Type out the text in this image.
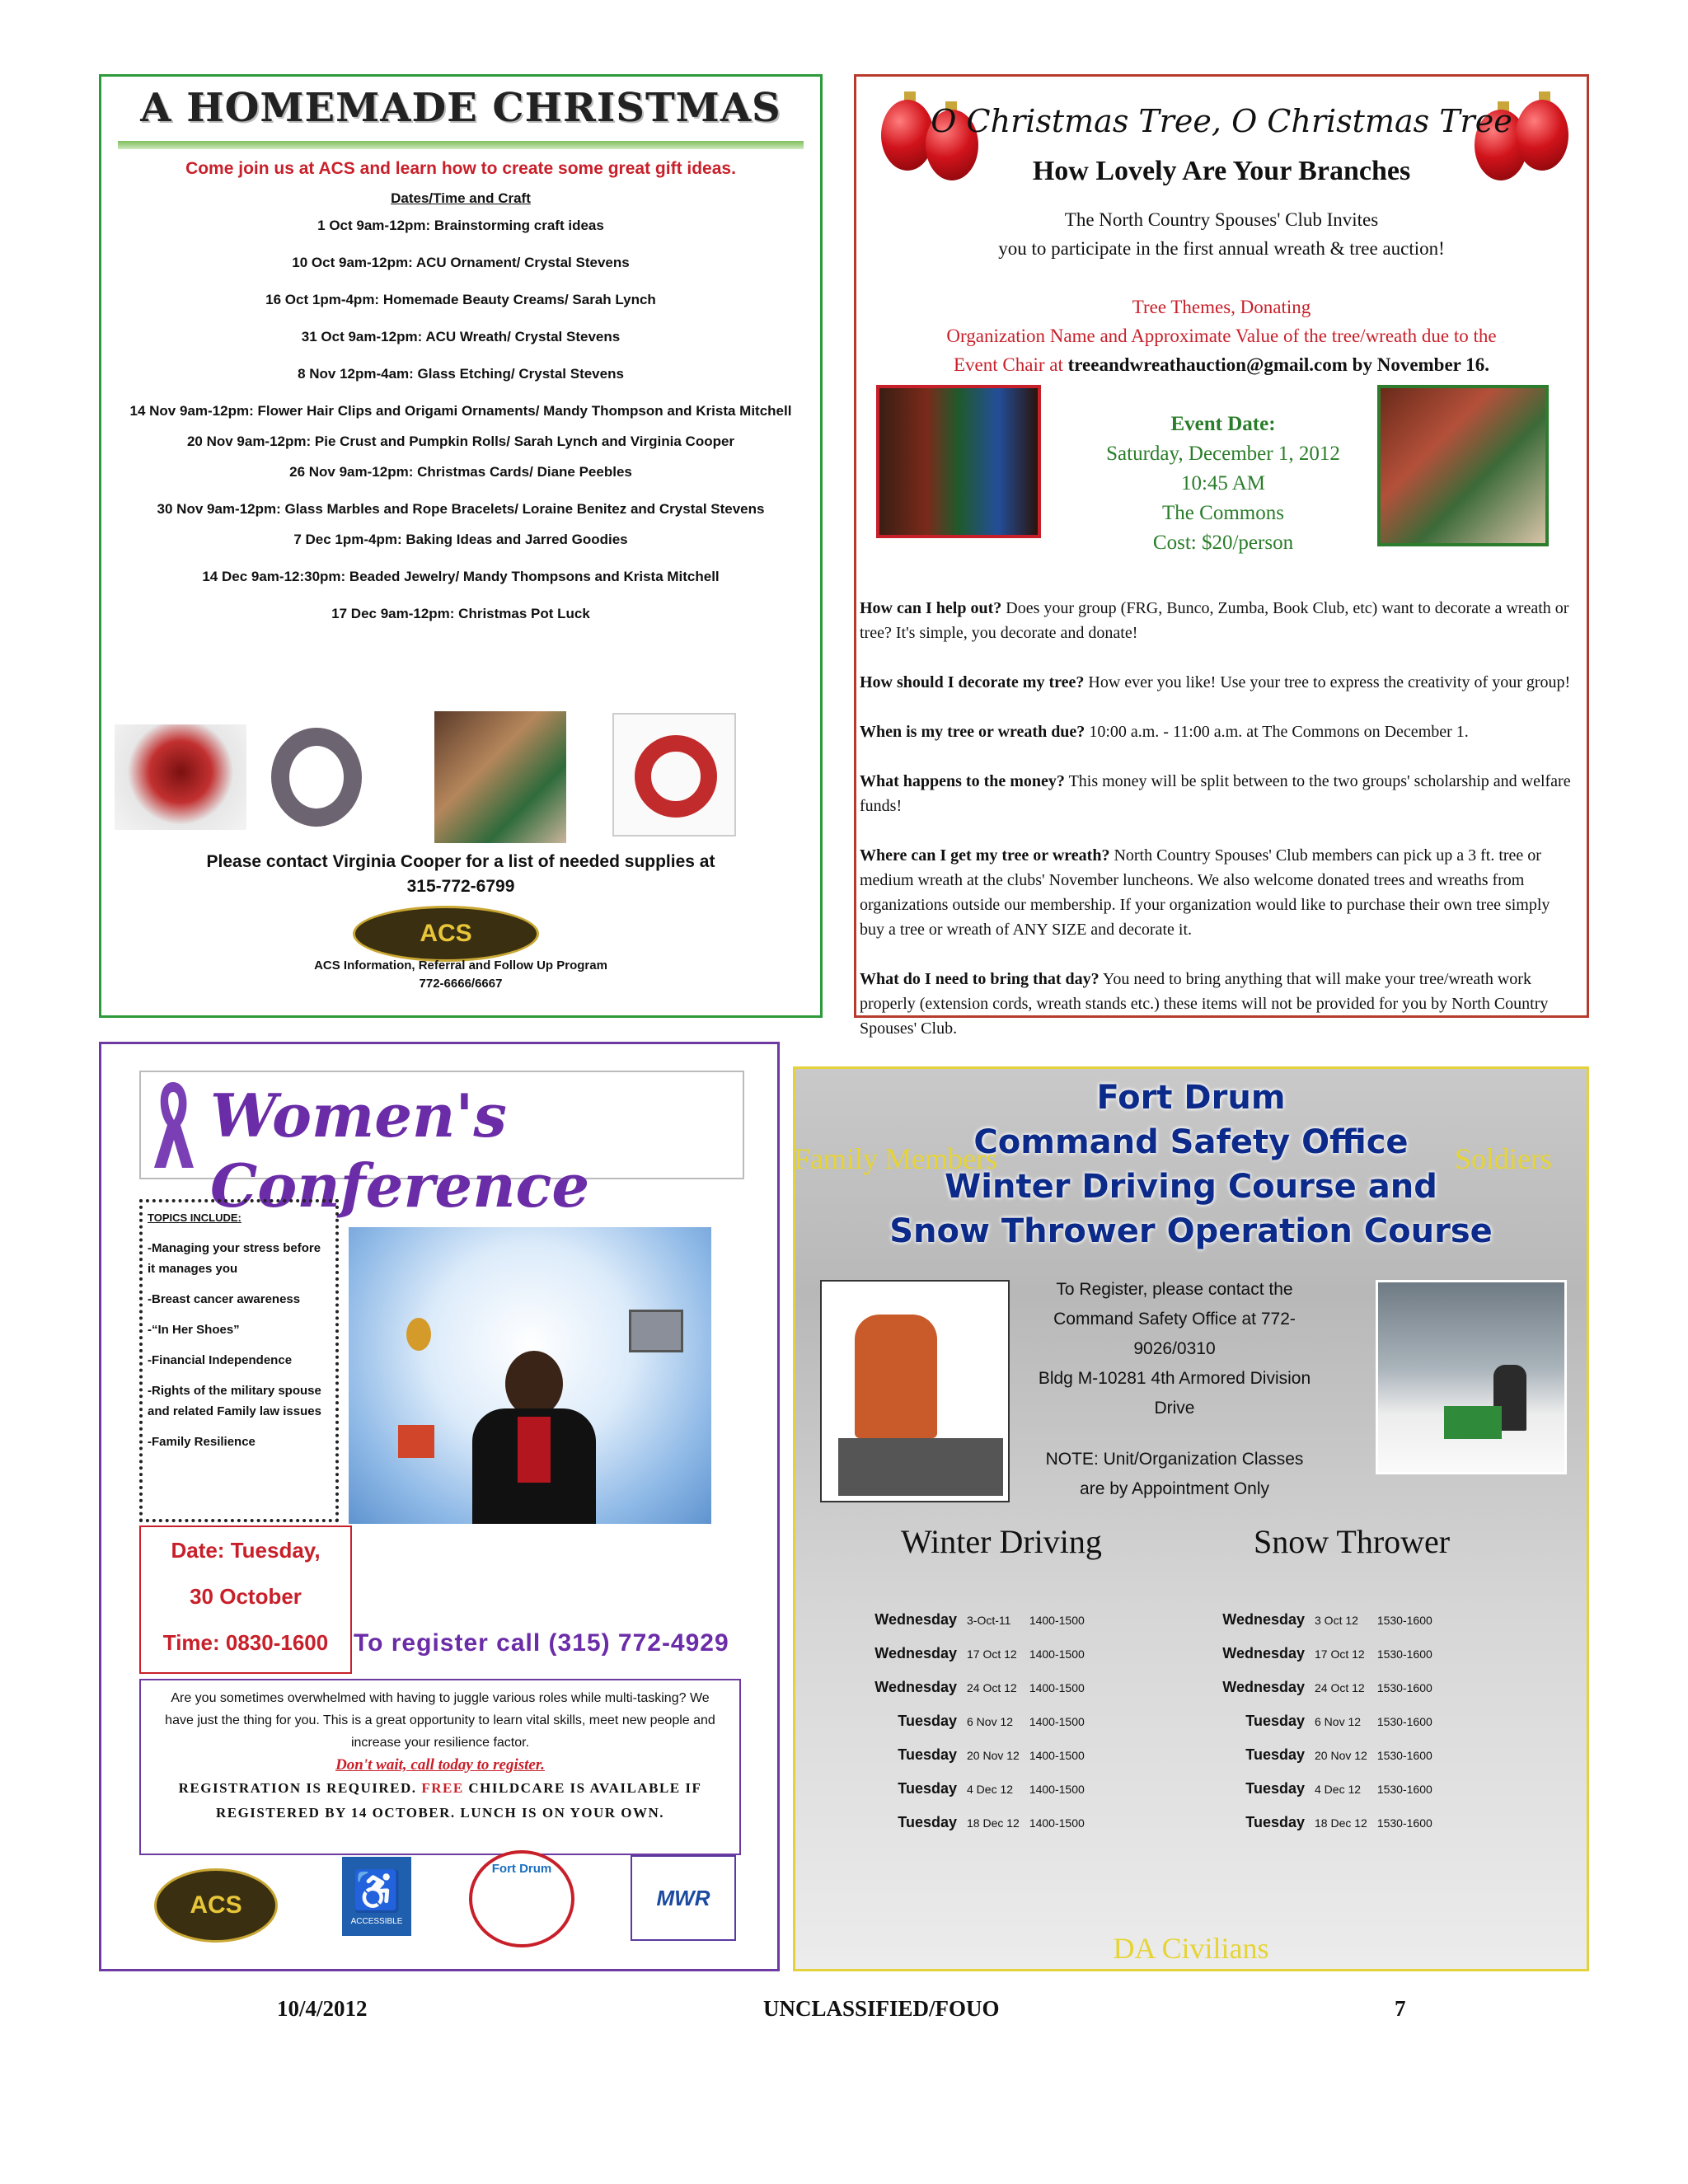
A HOMEMADE CHRISTMAS
Come join us at ACS and learn how to create some great gift ideas.
Dates/Time and Craft
1 Oct 9am-12pm: Brainstorming craft ideas
10 Oct 9am-12pm: ACU Ornament/ Crystal Stevens
16 Oct 1pm-4pm: Homemade Beauty Creams/ Sarah Lynch
31 Oct 9am-12pm: ACU Wreath/ Crystal Stevens
8 Nov 12pm-4am: Glass Etching/ Crystal Stevens
14 Nov 9am-12pm: Flower Hair Clips and Origami Ornaments/ Mandy Thompson and Krista Mitchell
20 Nov 9am-12pm: Pie Crust and Pumpkin Rolls/ Sarah Lynch and Virginia Cooper
26 Nov 9am-12pm: Christmas Cards/ Diane Peebles
30 Nov 9am-12pm: Glass Marbles and Rope Bracelets/ Loraine Benitez and Crystal Stevens
7 Dec 1pm-4pm: Baking Ideas and Jarred Goodies
14 Dec 9am-12:30pm: Beaded Jewelry/ Mandy Thompsons and Krista Mitchell
17 Dec 9am-12pm: Christmas Pot Luck
Please contact Virginia Cooper for a list of needed supplies at
315-772-6799
ACS
ACS Information, Referral and Follow Up Program
772-6666/6667
O Christmas Tree, O Christmas Tree
How Lovely Are Your Branches
The North Country Spouses' Club Invites
you to participate in the first annual wreath & tree auction!
Tree Themes, Donating
Organization Name and Approximate Value of the tree/wreath due to the
Event Chair at treeandwreathauction@gmail.com by November 16.
Event Date:
Saturday, December 1, 2012
10:45 AM
The Commons
Cost: $20/person

How can I help out? Does your group (FRG, Bunco, Zumba, Book Club, etc) want to decorate a wreath or tree? It's simple, you decorate and donate!

How should I decorate my tree? How ever you like! Use your tree to express the creativity of your group!

When is my tree or wreath due? 10:00 a.m. - 11:00 a.m. at The Commons on December 1.

What happens to the money? This money will be split between to the two groups' scholarship and welfare funds!

Where can I get my tree or wreath? North Country Spouses' Club members can pick up a 3 ft. tree or medium wreath at the clubs' November luncheons. We also welcome donated trees and wreaths from organizations outside our membership. If your organization would like to purchase their own tree simply buy a tree or wreath of ANY SIZE and decorate it.

What do I need to bring that day? You need to bring anything that will make your tree/wreath work properly (extension cords, wreath stands etc.) these items will not be provided for you by North Country Spouses' Club.

Women's Conference
TOPICS INCLUDE:
-Managing your stress before it manages you
-Breast cancer awareness
-“In Her Shoes”
-Financial Independence
-Rights of the military spouse and related Family law issues
-Family Resilience
Date: Tuesday,
30 October
Time: 0830-1600	To register call (315) 772-4929
Are you sometimes overwhelmed with having to juggle various roles while multi-tasking? We have just the thing for you. This is a great opportunity to learn vital skills, meet new people and increase your resilience factor.
Don't wait, call today to register.
REGISTRATION IS REQUIRED. FREE CHILDCARE IS AVAILABLE IF REGISTERED BY 14 OCTOBER. LUNCH IS ON YOUR OWN.
ACS	♿
ACCESSIBLE
Fort Drum
MWR
Fort Drum
Command Safety Office
Winter Driving Course and
Snow Thrower Operation Course
Family Members	Soldiers
To Register, please contact the
Command Safety Office at 772-9026/0310
Bldg M-10281 4th Armored Division Drive
NOTE: Unit/Organization Classes
are by Appointment Only
Winter Driving	Snow Thrower
Wednesday	3-Oct-11	1400-1500
Wednesday	17 Oct 12	1400-1500
Wednesday	24 Oct 12	1400-1500
Tuesday	6 Nov 12	1400-1500
Tuesday	20 Nov 12	1400-1500
Tuesday	4 Dec 12	1400-1500
Tuesday	18 Dec 12	1400-1500
Wednesday	3 Oct 12	1530-1600
Wednesday	17 Oct 12	1530-1600
Wednesday	24 Oct 12	1530-1600
Tuesday	6 Nov 12	1530-1600
Tuesday	20 Nov 12	1530-1600
Tuesday	4 Dec 12	1530-1600
Tuesday	18 Dec 12	1530-1600
DA Civilians
10/4/2012	UNCLASSIFIED/FOUO	7
